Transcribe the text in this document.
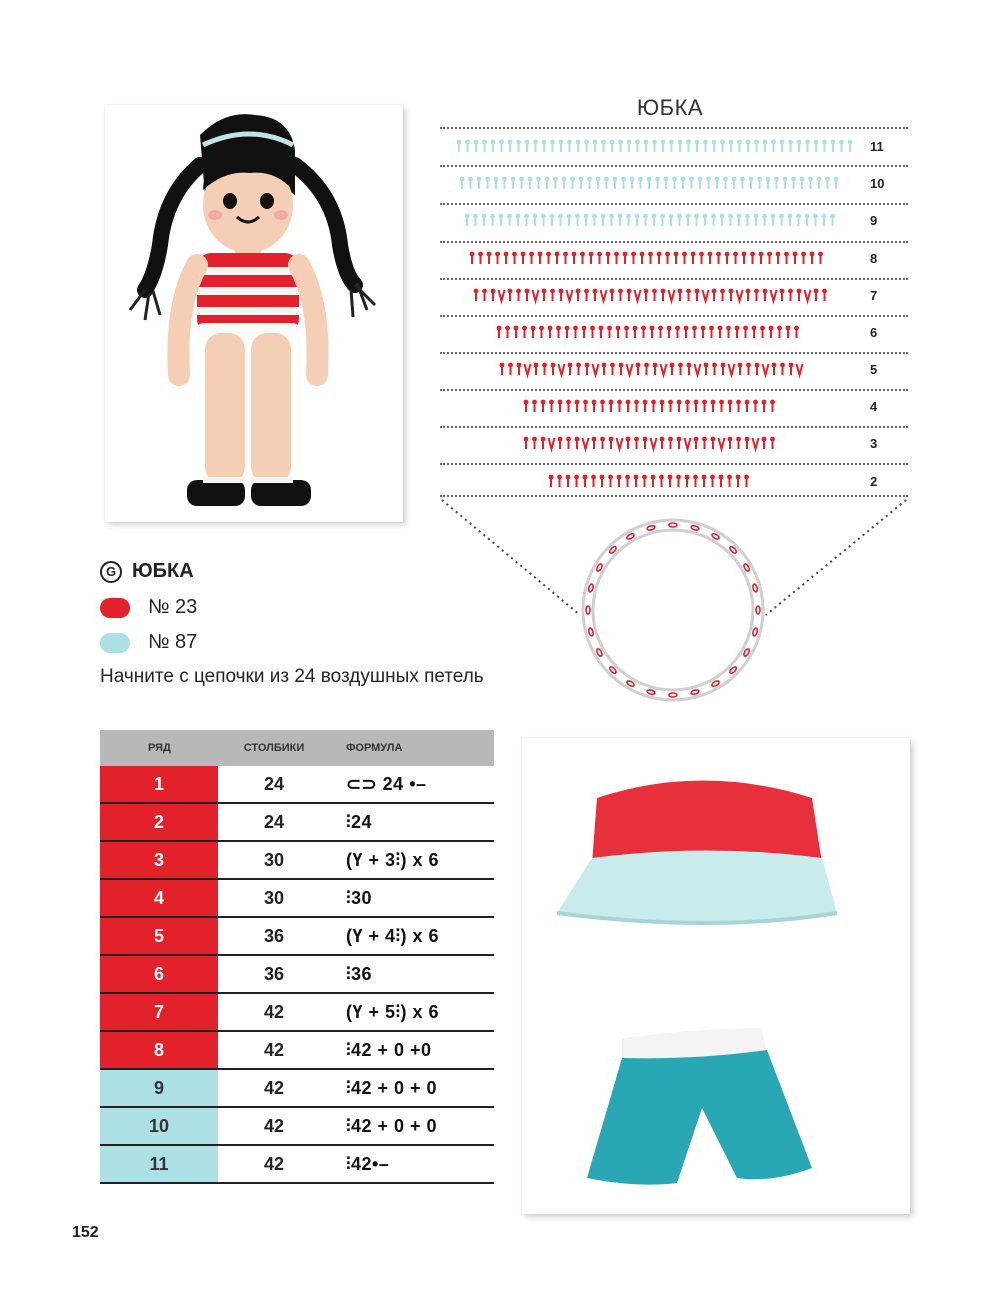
ЮБКА
11
10
9
8
7
6
5
4
3
2
G ЮБКА
№ 23
№ 87
Начните с цепочки из 24 воздушных петель
РЯД	СТОЛБИКИ	ФОРМУЛА
1	24	⊂⊃ 24 •–
2	24	⫶24
3	30	(Ү + 3⫶) х 6
4	30	⫶30
5	36	(Ү + 4⫶) х 6
6	36	⫶36
7	42	(Ү + 5⫶) х 6
8	42	⫶42 + 0 +0
9	42	⫶42 + 0 + 0
10	42	⫶42 + 0 + 0
11	42	⫶42•–
152
